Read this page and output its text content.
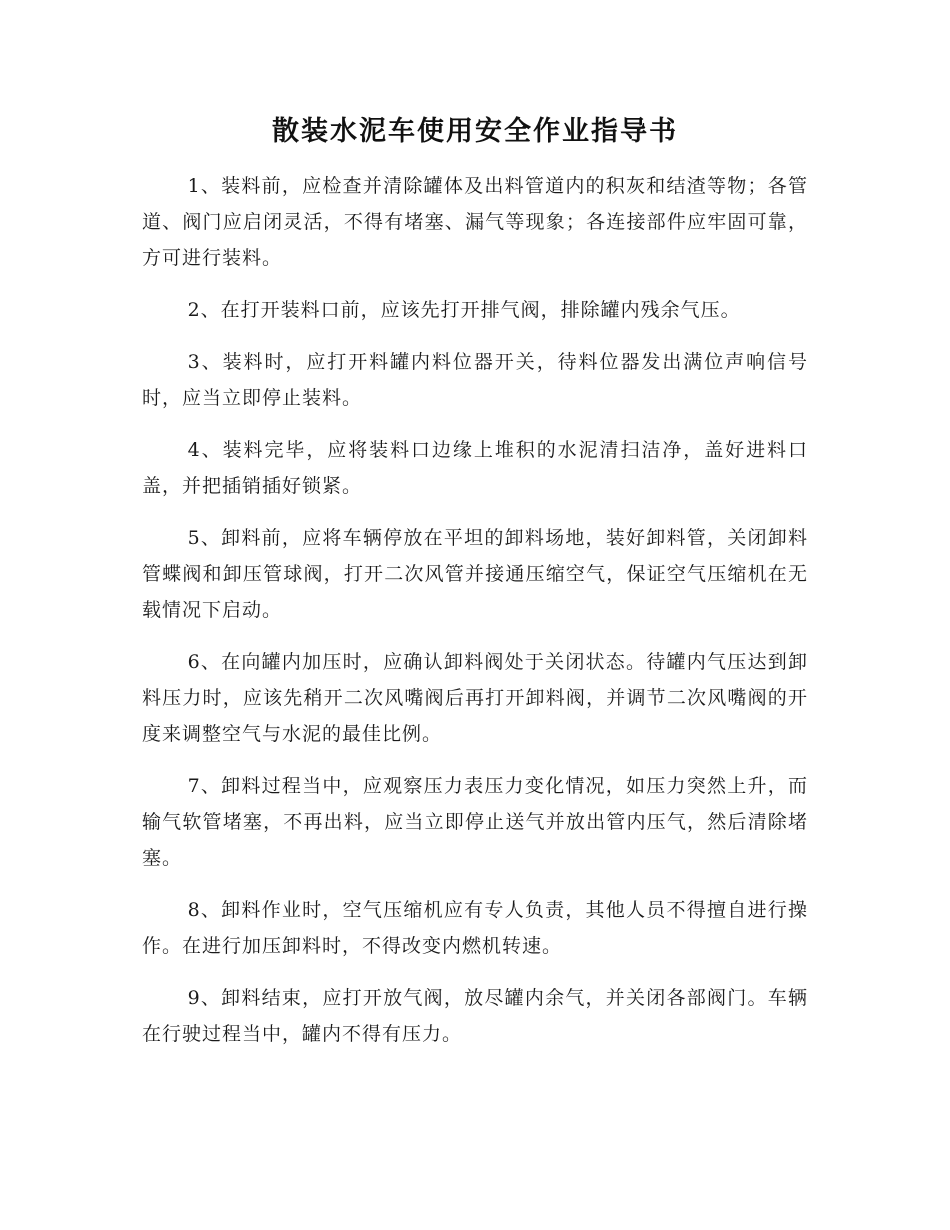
散装水泥车使用安全作业指导书

1、装料前，应检查并清除罐体及出料管道内的积灰和结渣等物；各管道、阀门应启闭灵活，不得有堵塞、漏气等现象；各连接部件应牢固可靠，方可进行装料。

2、在打开装料口前，应该先打开排气阀，排除罐内残余气压。

3、装料时，应打开料罐内料位器开关，待料位器发出满位声响信号时，应当立即停止装料。

4、装料完毕，应将装料口边缘上堆积的水泥清扫洁净，盖好进料口盖，并把插销插好锁紧。

5、卸料前，应将车辆停放在平坦的卸料场地，装好卸料管，关闭卸料管蝶阀和卸压管球阀，打开二次风管并接通压缩空气，保证空气压缩机在无载情况下启动。

6、在向罐内加压时，应确认卸料阀处于关闭状态。待罐内气压达到卸料压力时，应该先稍开二次风嘴阀后再打开卸料阀，并调节二次风嘴阀的开度来调整空气与水泥的最佳比例。

7、卸料过程当中，应观察压力表压力变化情况，如压力突然上升，而输气软管堵塞，不再出料，应当立即停止送气并放出管内压气，然后清除堵塞。

8、卸料作业时，空气压缩机应有专人负责，其他人员不得擅自进行操作。在进行加压卸料时，不得改变内燃机转速。

9、卸料结束，应打开放气阀，放尽罐内余气，并关闭各部阀门。车辆在行驶过程当中，罐内不得有压力。
